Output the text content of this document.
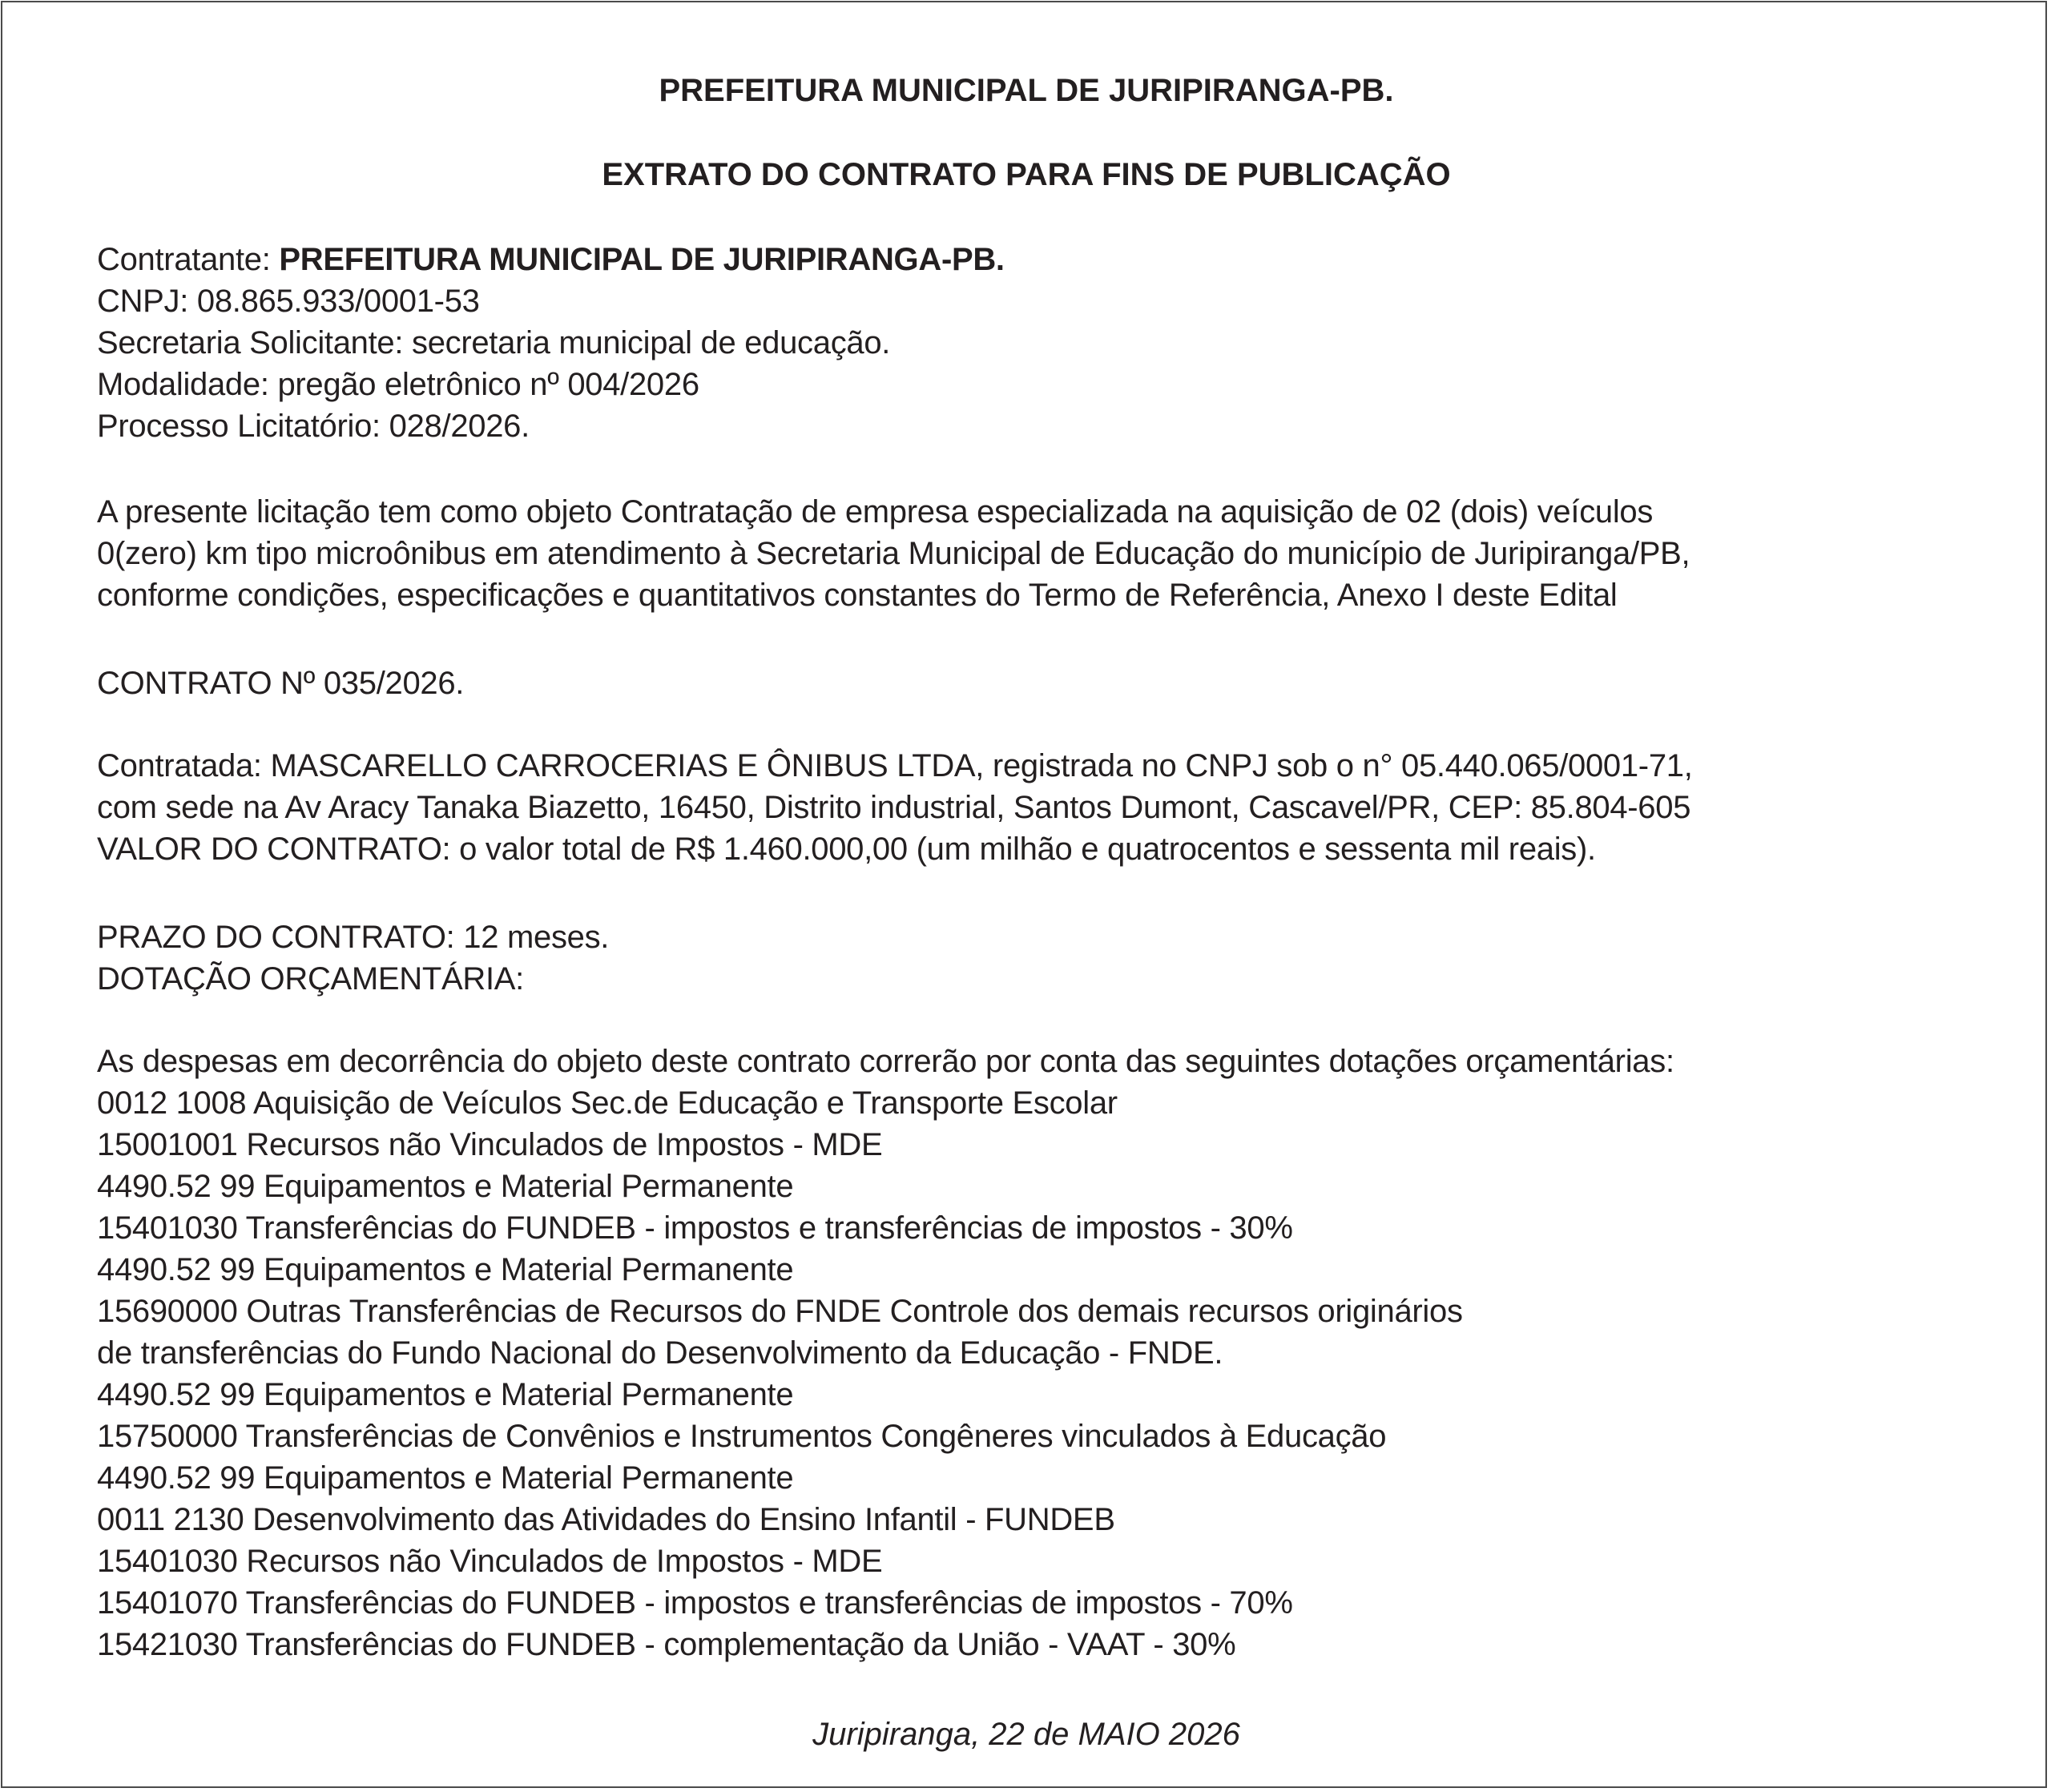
PREFEITURA MUNICIPAL DE JURIPIRANGA-PB.
EXTRATO DO CONTRATO PARA FINS DE PUBLICAÇÃO
Contratante: PREFEITURA MUNICIPAL DE JURIPIRANGA-PB.
CNPJ: 08.865.933/0001-53
Secretaria Solicitante: secretaria municipal de educação.
Modalidade: pregão eletrônico nº 004/2026
Processo Licitatório: 028/2026.
A presente licitação tem como objeto Contratação de empresa especializada na aquisição de 02 (dois) veículos
0(zero) km tipo microônibus em atendimento à Secretaria Municipal de Educação do município de Juripiranga/PB,
conforme condições, especificações e quantitativos constantes do Termo de Referência, Anexo I deste Edital
CONTRATO Nº 035/2026.
Contratada: MASCARELLO CARROCERIAS E ÔNIBUS LTDA, registrada no CNPJ sob o n° 05.440.065/0001-71,
com sede na Av Aracy Tanaka Biazetto, 16450, Distrito industrial, Santos Dumont, Cascavel/PR, CEP: 85.804-605
VALOR DO CONTRATO: o valor total de R$ 1.460.000,00 (um milhão e quatrocentos e sessenta mil reais).
PRAZO DO CONTRATO: 12 meses.
DOTAÇÃO ORÇAMENTÁRIA:
As despesas em decorrência do objeto deste contrato correrão por conta das seguintes dotações orçamentárias:
0012 1008 Aquisição de Veículos Sec.de Educação e Transporte Escolar
15001001 Recursos não Vinculados de Impostos - MDE
4490.52 99 Equipamentos e Material Permanente
15401030 Transferências do FUNDEB - impostos e transferências de impostos - 30%
4490.52 99 Equipamentos e Material Permanente
15690000 Outras Transferências de Recursos do FNDE Controle dos demais recursos originários
de transferências do Fundo Nacional do Desenvolvimento da Educação - FNDE.
4490.52 99 Equipamentos e Material Permanente
15750000 Transferências de Convênios e Instrumentos Congêneres vinculados à Educação
4490.52 99 Equipamentos e Material Permanente
0011 2130 Desenvolvimento das Atividades do Ensino Infantil - FUNDEB
15401030 Recursos não Vinculados de Impostos - MDE
15401070 Transferências do FUNDEB - impostos e transferências de impostos - 70%
15421030 Transferências do FUNDEB - complementação da União - VAAT - 30%
Juripiranga, 22 de MAIO 2026
